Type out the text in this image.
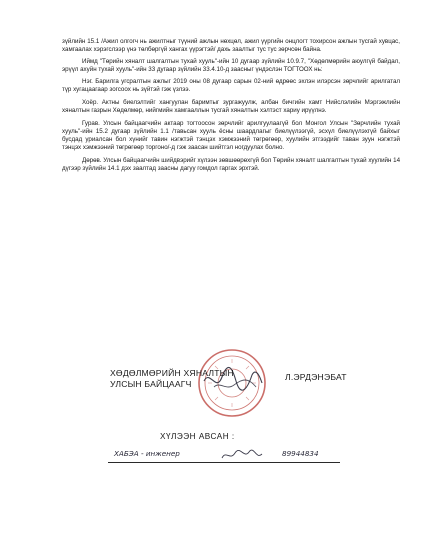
зүйлийн 15.1 /Ажил олгогч нь ажилтныг түүний ажлын нөхцөл, ажил үүргийн онцлогт тохирсон ажлын тусгай хувцас, хамгаалах хэрэгслээр үнэ төлбөргүй хангах үүрэгтэй/ дахь заалтыг тус тус зөрчсөн байна.

Иймд "Төрийн хяналт шалгалтын тухай хууль"-ийн 10 дугаар зүйлийн 10.9.7, "Хөдөлмөрийн аюулгүй байдал, эрүүл ахуйн тухай хууль"-ийн 33 дугаар зүйлийн 33.4.10-д заасныг үндэслэн ТОГТООХ нь:

Нэг. Барилга угсралтын ажлыг 2019 оны 08 дугаар сарын 02-ний өдрөөс эхлэн илэрсэн зөрчлийг арилгатал түр хугацаагаар зогсоох нь зүйтэй гэж үзлээ.

Хоёр. Актны биелэлтийг хангуулан баримтыг зургажуулж, албан бичгийн хамт Нийслэлийн Мэргэжлийн хяналтын газрын Хөдөлмөр, нийгмийн хамгааллын тусгай хяналтын хэлтэст хариу ирүүлнэ.

Гурав. Улсын байцаагчийн актаар тогтоосон зөрчлийг арилгуулаагүй бол Монгол Улсын "Зөрчлийн тухай хууль"-ийн 15.2 дугаар зүйлийн 1.1 /тавьсан хууль ёсны шаардлагыг биелүүлээгүй, эсхүл биелүүлэхгүй байхыг бусдад уриалсан бол хүнийг тавин нэгжтэй тэнцэх хэмжээний төгрөгөөр, хуулийн этгээдийг таван зуун нэгжтэй тэнцэх хэмжээний төгрөгөөр торгоно/-д гэж заасан шийтгэл ногдуулах болно.

Дөрөв. Улсын байцаагчийн шийдвэрийг хүлээн зөвшөөрөхгүй бол Төрийн хяналт шалгалтын тухай хуулийн 14 дүгээр зүйлийн 14.1 дэх заалтад заасны дагуу гомдол гаргах эрхтэй.

ХӨДӨЛМӨРИЙН ХЯНАЛТЫН
УЛСЫН БАЙЦААГЧ
Л.ЭРДЭНЭБАТ
ХҮЛЭЭН АВСАН :
ХАБЭА - инженер	89944834
